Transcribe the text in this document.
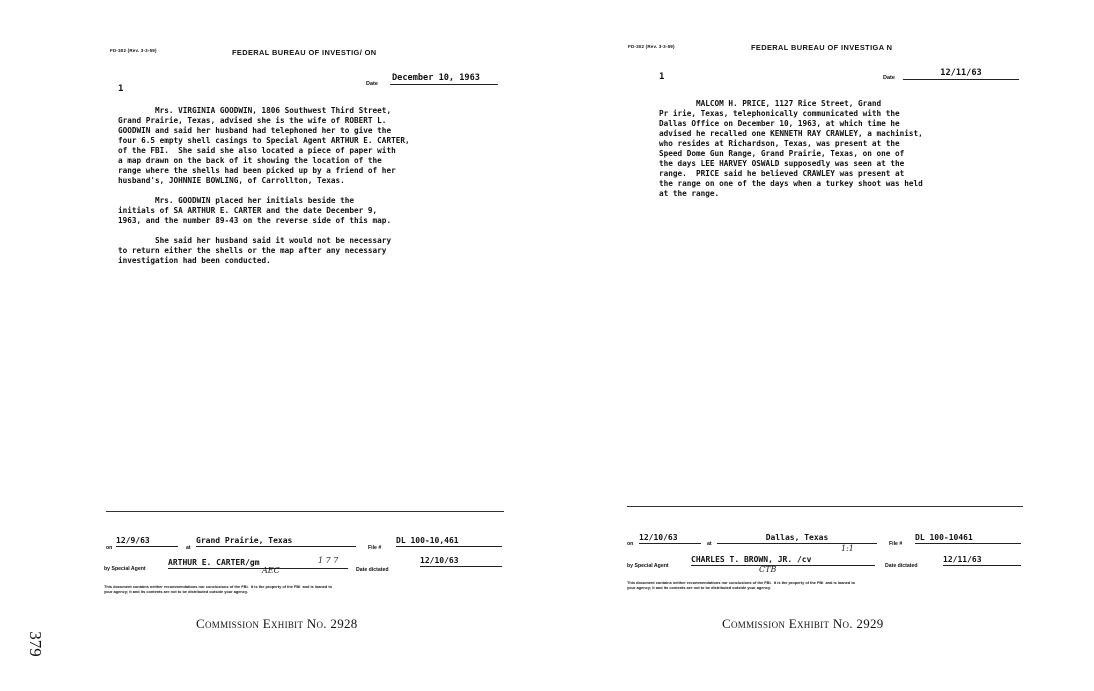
379
FD-302 (Rev. 3-3-59)	FEDERAL BUREAU OF INVESTIG/ ON
1	Date
December 10, 1963
Mrs. VIRGINIA GOODWIN, 1806 Southwest Third Street,
Grand Prairie, Texas, advised she is the wife of ROBERT L.
GOODWIN and said her husband had telephoned her to give the
four 6.5 empty shell casings to Special Agent ARTHUR E. CARTER,
of the FBI.  She said she also located a piece of paper with
a map drawn on the back of it showing the location of the
range where the shells had been picked up by a friend of her
husband's, JOHNNIE BOWLING, of Carrollton, Texas.

Mrs. GOODWIN placed her initials beside the
initials of SA ARTHUR E. CARTER and the date December 9,
1963, and the number 89-43 on the reverse side of this map.

She said her husband said it would not be necessary
to return either the shells or the map after any necessary
investigation had been conducted.
on
12/9/63
at
Grand Prairie, Texas
File #
DL 100-10,461
by Special Agent
ARTHUR E. CARTER/gm
AEC
1 7 7
Date dictated
12/10/63
This document contains neither recommendations nor conclusions of the FBI.  It is the property of the FBI  and is loaned to
your agency; it and its contents are not to be distributed outside your agency.
Commission Exhibit No. 2928
FD-302 (Rev. 3-3-59)	FEDERAL BUREAU OF INVESTIGA N
1	Date	12/11/63
MALCOM H. PRICE, 1127 Rice Street, Grand
Pr irie, Texas, telephonically communicated with the
Dallas Office on December 10, 1963, at which time he
advised he recalled one KENNETH RAY CRAWLEY, a machinist,
who resides at Richardson, Texas, was present at the
Speed Dome Gun Range, Grand Prairie, Texas, on one of
the days LEE HARVEY OSWALD supposedly was seen at the
range.  PRICE said he believed CRAWLEY was present at
the range on one of the days when a turkey shoot was held
at the range.
on
12/10/63
at
Dallas, Texas
File #
DL 100-10461
by Special Agent
CHARLES T. BROWN, JR. /cv
CTB
1:1
Date dictated
12/11/63
This document contains neither recommendations nor conclusions of the FBI.  It is the property of the FBI  and is loaned to
your agency; it and its contents are not to be distributed outside your agency.
Commission Exhibit No. 2929
